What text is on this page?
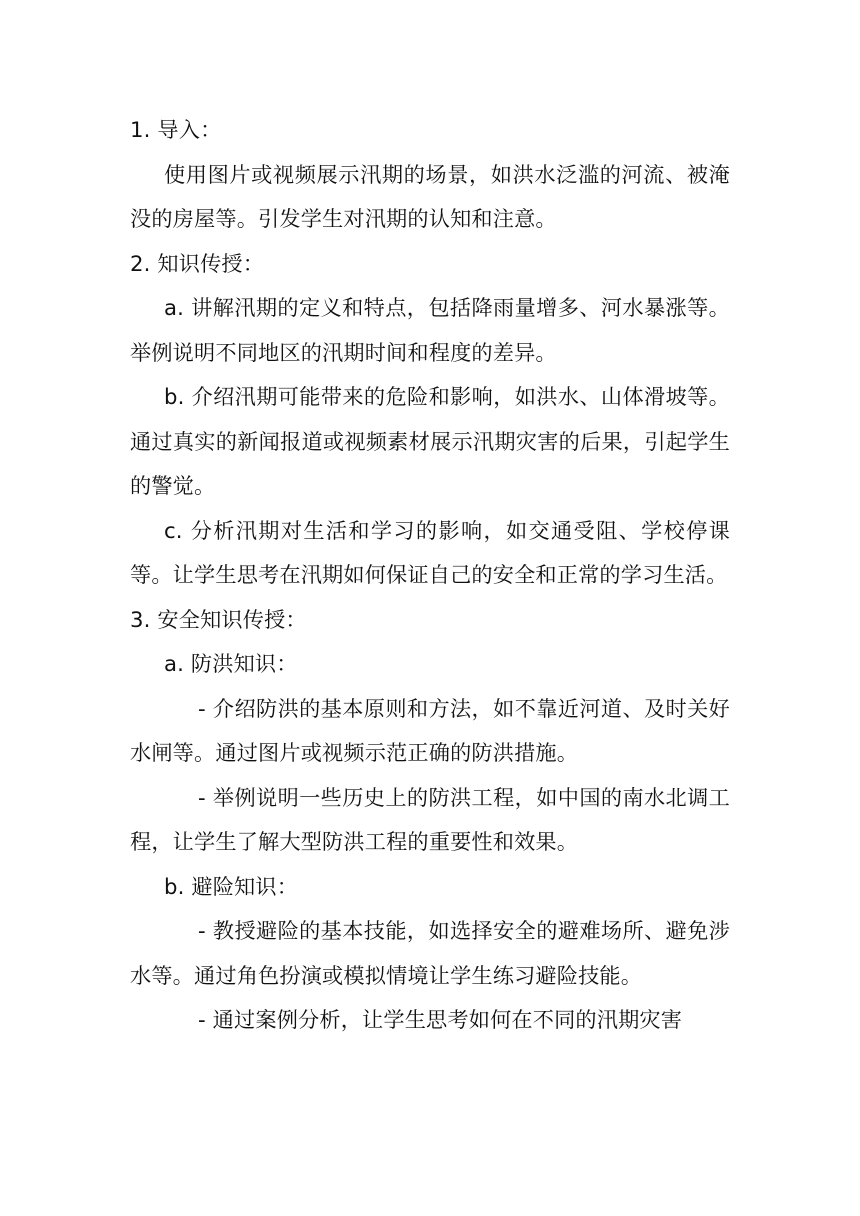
1. 导入：

使用图片或视频展示汛期的场景，如洪水泛滥的河流、被淹没的房屋等。引发学生对汛期的认知和注意。

2. 知识传授：

a. 讲解汛期的定义和特点，包括降雨量增多、河水暴涨等。举例说明不同地区的汛期时间和程度的差异。

b. 介绍汛期可能带来的危险和影响，如洪水、山体滑坡等。通过真实的新闻报道或视频素材展示汛期灾害的后果，引起学生的警觉。

c. 分析汛期对生活和学习的影响，如交通受阻、学校停课等。让学生思考在汛期如何保证自己的安全和正常的学习生活。

3. 安全知识传授：

a. 防洪知识：

- 介绍防洪的基本原则和方法，如不靠近河道、及时关好水闸等。通过图片或视频示范正确的防洪措施。

- 举例说明一些历史上的防洪工程，如中国的南水北调工程，让学生了解大型防洪工程的重要性和效果。

b. 避险知识：

- 教授避险的基本技能，如选择安全的避难场所、避免涉水等。通过角色扮演或模拟情境让学生练习避险技能。

- 通过案例分析，让学生思考如何在不同的汛期灾害
